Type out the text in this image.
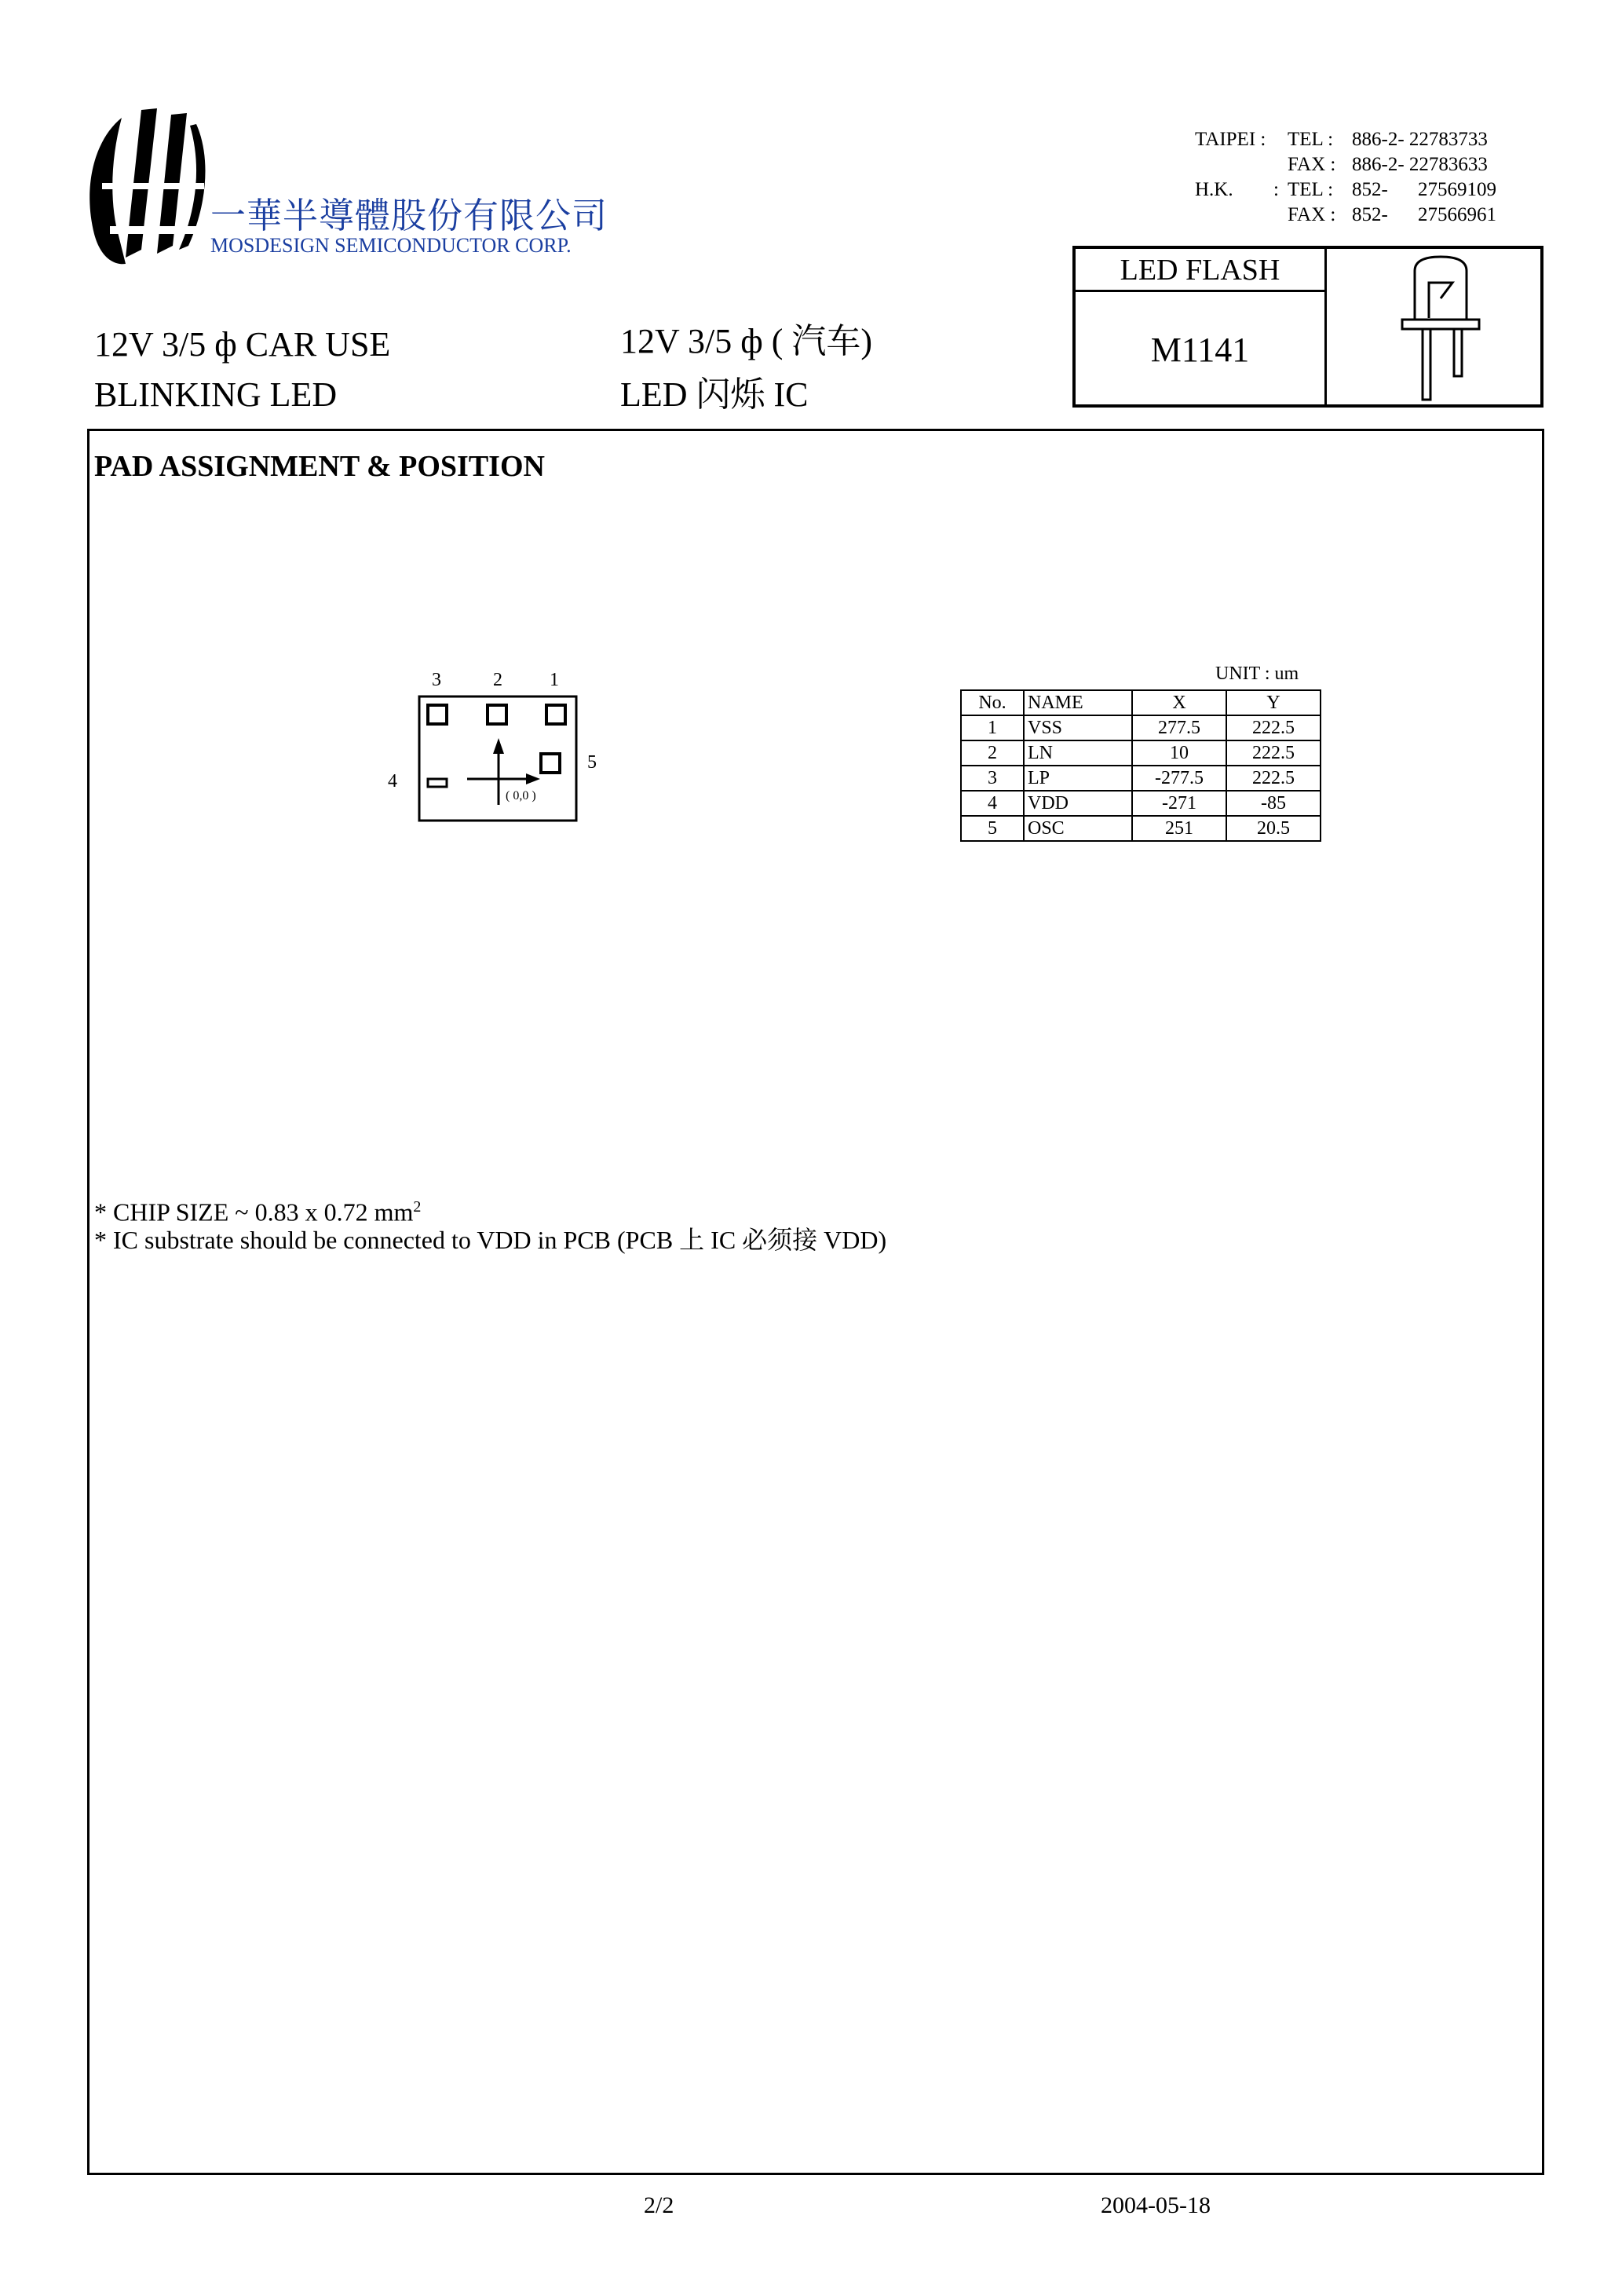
一華半導體股份有限公司
MOSDESIGN SEMICONDUCTOR CORP.
TAIPEI : TEL : 886-2- 22783733
FAX : 886-2- 22783633
H.K. : TEL : 852- 27569109
FAX : 852- 27566961
LED FLASH
M1141
12V 3/5 ф CAR USE
BLINKING LED
12V 3/5 ф ( 汽车)
LED 闪烁 IC
PAD ASSIGNMENT & POSITION
3	2	1
4
5
( 0,0 )
UNIT : um
No.	NAME	X	Y
1	VSS	277.5	222.5
2	LN	10	222.5
3	LP	-277.5	222.5
4	VDD	-271	-85
5	OSC	251	20.5
* CHIP SIZE ~ 0.83 x 0.72 $mm^2$
* IC substrate should be connected to VDD in PCB (PCB 上 IC 必须接 VDD)
2/2	2004-05-18
